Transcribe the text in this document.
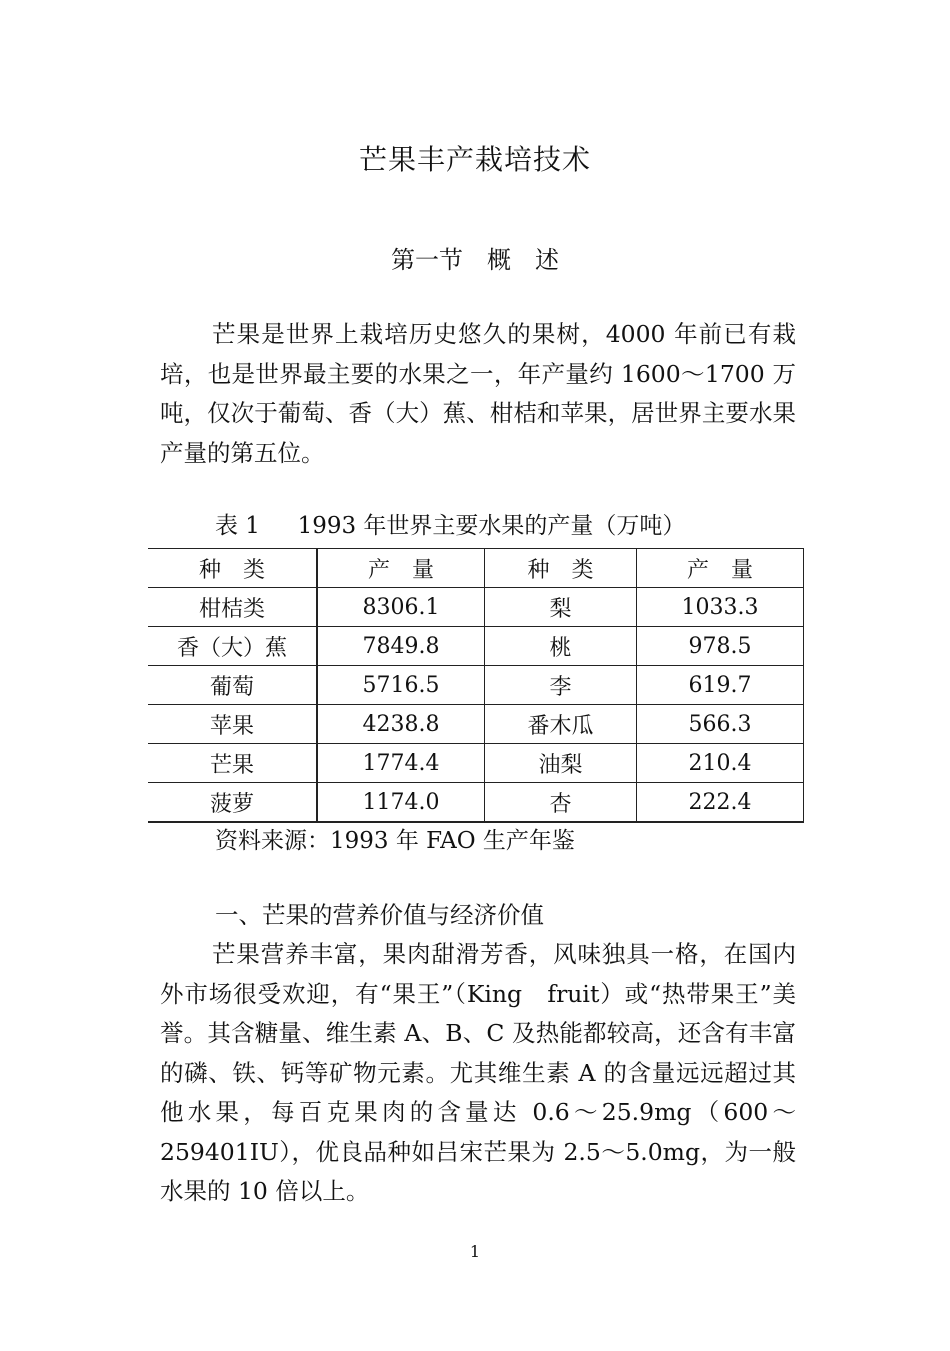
芒果丰产栽培技术
第一节　概　述

芒果是世界上栽培历史悠久的果树，4000 年前已有栽培，也是世界最主要的水果之一，年产量约 1600～1700 万吨，仅次于葡萄、香（大）蕉、柑桔和苹果，居世界主要水果产量的第五位。

表 1　  1993 年世界主要水果的产量（万吨）
种　类	产　量	种　类	产　量
柑桔类	8306.1	梨	1033.3
香（大）蕉	7849.8	桃	978.5
葡萄	5716.5	李	619.7
苹果	4238.8	番木瓜	566.3
芒果	1774.4	油梨	210.4
菠萝	1174.0	杏	222.4
资料来源：1993 年 FAO 生产年鉴
一、芒果的营养价值与经济价值

芒果营养丰富，果肉甜滑芳香，风味独具一格，在国内外市场很受欢迎，有“果王”（King　fruit）或“热带果王”美誉。其含糖量、维生素 A、B、C 及热能都较高，还含有丰富的磷、铁、钙等矿物元素。尤其维生素 A 的含量远远超过其他水果，每百克果肉的含量达 0.6～25.9mg（600～259401IU），优良品种如吕宋芒果为 2.5～5.0mg，为一般水果的 10 倍以上。

1
